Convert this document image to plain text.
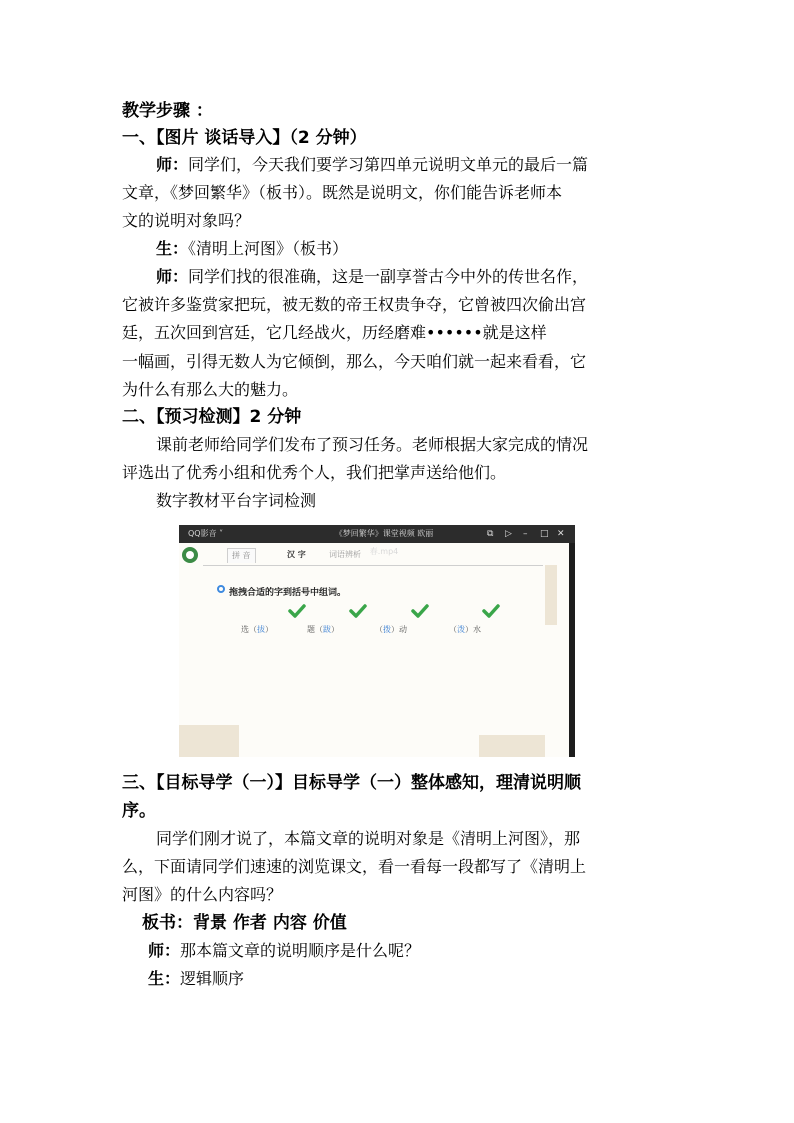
教学步骤 ：
一、【图片 谈话导入】（2 分钟）
师：同学们，今天我们要学习第四单元说明文单元的最后一篇
文章，《梦回繁华》（板书）。既然是说明文，你们能告诉老师本
文的说明对象吗？
生：《清明上河图》（板书）
师：同学们找的很准确，这是一副享誉古今中外的传世名作，
它被许多鉴赏家把玩，被无数的帝王权贵争夺，它曾被四次偷出宫
廷，五次回到宫廷，它几经战火，历经磨难••••••就是这样
一幅画，引得无数人为它倾倒，那么，今天咱们就一起来看看，它
为什么有那么大的魅力。
二、【预习检测】2 分钟
课前老师给同学们发布了预习任务。老师根据大家完成的情况
评选出了优秀小组和优秀个人，我们把掌声送给他们。
数字教材平台字词检测
QQ影音 ˅	《梦回繁华》课堂视频 欧丽春.mp4
⧉ ▷ – □ ✕
拼 音	汉 字	词语辨析
拖拽合适的字到括号中组词。
选（拔）	题（跋）	（拨）动	（泼）水
三、【目标导学（一）】目标导学（一）整体感知，理清说明顺
序。
同学们刚才说了，本篇文章的说明对象是《清明上河图》，那
么，下面请同学们速速的浏览课文，看一看每一段都写了《清明上
河图》的什么内容吗？
板书：背景 作者 内容 价值
师：那本篇文章的说明顺序是什么呢？
生：逻辑顺序
